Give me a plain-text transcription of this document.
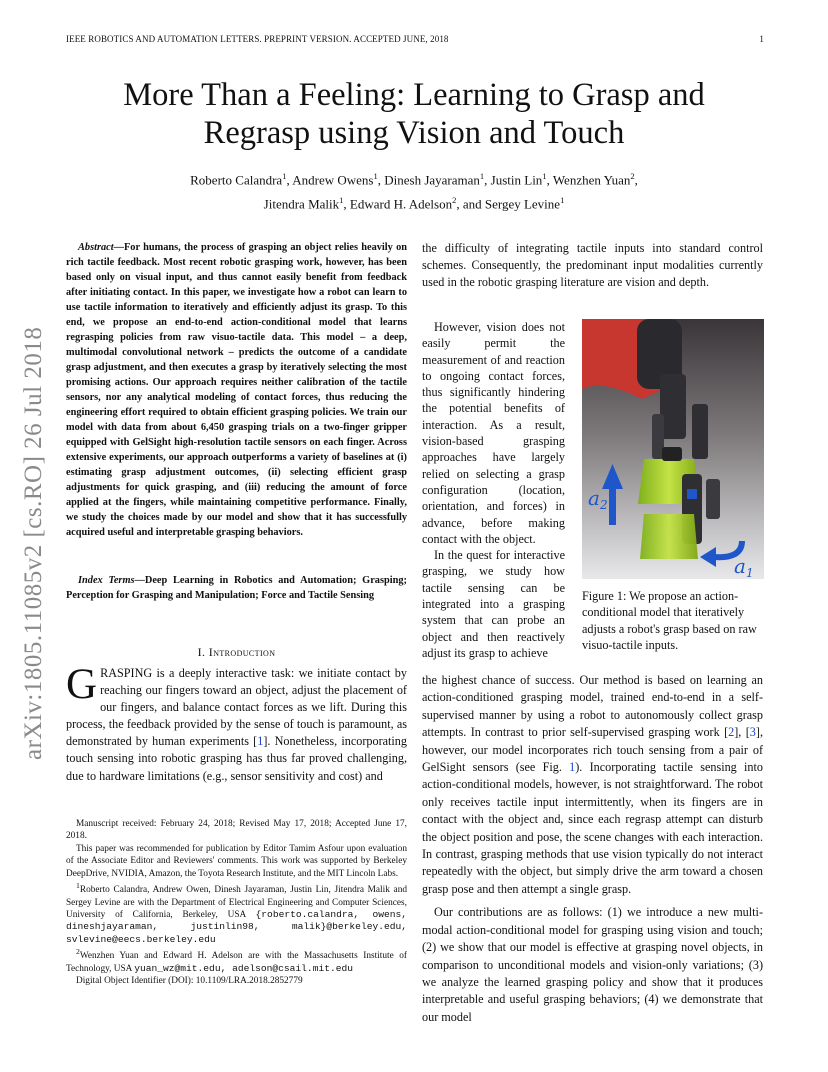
IEEE ROBOTICS AND AUTOMATION LETTERS. PREPRINT VERSION. ACCEPTED JUNE, 2018	1
arXiv:1805.11085v2 [cs.RO] 26 Jul 2018
More Than a Feeling: Learning to Grasp and
Regrasp using Vision and Touch
Roberto Calandra$^1$, Andrew Owens$^1$, Dinesh Jayaraman$^1$, Justin Lin$^1$, Wenzhen Yuan$^2$,
Jitendra Malik$^1$, Edward H. Adelson$^2$, and Sergey Levine$^1$
Abstract—For humans, the process of grasping an object relies heavily on rich tactile feedback. Most recent robotic grasping work, however, has been based only on visual input, and thus cannot easily benefit from feedback after initiating contact. In this paper, we investigate how a robot can learn to use tactile information to iteratively and efficiently adjust its grasp. To this end, we propose an end-to-end action-conditional model that learns regrasping policies from raw visuo-tactile data. This model – a deep, multimodal convolutional network – predicts the outcome of a candidate grasp adjustment, and then executes a grasp by iteratively selecting the most promising actions. Our approach requires neither calibration of the tactile sensors, nor any analytical modeling of contact forces, thus reducing the engineering effort required to obtain efficient grasping policies. We train our model with data from about 6,450 grasping trials on a two-finger gripper equipped with GelSight high-resolution tactile sensors on each finger. Across extensive experiments, our approach outperforms a variety of baselines at (i) estimating grasp adjustment outcomes, (ii) selecting efficient grasp adjustments for quick grasping, and (iii) reducing the amount of force applied at the fingers, while maintaining competitive performance. Finally, we study the choices made by our model and show that it has successfully acquired useful and interpretable grasping behaviors.
Index Terms—Deep Learning in Robotics and Automation; Grasping; Perception for Grasping and Manipulation; Force and Tactile Sensing
I. Introduction
GRASPING is a deeply interactive task: we initiate contact by reaching our fingers toward an object, adjust the placement of our fingers, and balance contact forces as we lift. During this process, the feedback provided by the sense of touch is paramount, as demonstrated by human experiments [1]. Nonetheless, incorporating touch sensing into robotic grasping has thus far proved challenging, due to hardware limitations (e.g., sensor sensitivity and cost) and

Manuscript received: February 24, 2018; Revised May 17, 2018; Accepted June 17, 2018.

This paper was recommended for publication by Editor Tamim Asfour upon evaluation of the Associate Editor and Reviewers' comments. This work was supported by Berkeley DeepDrive, NVIDIA, Amazon, the Toyota Research Institute, and the MIT Lincoln Labs.

$^1$Roberto Calandra, Andrew Owen, Dinesh Jayaraman, Justin Lin, Jitendra Malik and Sergey Levine are with the Department of Electrical Engineering and Computer Sciences, University of California, Berkeley, USA {roberto.calandra, owens, dineshjayaraman, justinlin98, malik}@berkeley.edu, svlevine@eecs.berkeley.edu

$^2$Wenzhen Yuan and Edward H. Adelson are with the Massachusetts Institute of Technology, USA yuan_wz@mit.edu, adelson@csail.mit.edu

Digital Object Identifier (DOI): 10.1109/LRA.2018.2852779

the difficulty of integrating tactile inputs into standard control schemes. Consequently, the predominant input modalities currently used in the robotic grasping literature are vision and depth.

However, vision does not easily permit the measurement of and reaction to ongoing contact forces, thus significantly hindering the potential benefits of interaction. As a result, vision-based grasping approaches have largely relied on selecting a grasp configuration (location, orientation, and forces) in advance, before making contact with the object.

In the quest for interactive grasping, we study how tactile sensing can be integrated into a grasping system that can probe an object and then reactively adjust its grasp to achieve

$a_2$
$a_1$
Figure 1: We propose an action-conditional model that iteratively adjusts a robot's grasp based on raw visuo-tactile inputs.

the highest chance of success. Our method is based on learning an action-conditioned grasping model, trained end-to-end in a self-supervised manner by using a robot to autonomously collect grasp attempts. In contrast to prior self-supervised grasping work [2], [3], however, our model incorporates rich touch sensing from a pair of GelSight sensors (see Fig. 1). Incorporating tactile sensing into action-conditional models, however, is not straightforward. The robot only receives tactile input intermittently, when its fingers are in contact with the object and, since each regrasp attempt can disturb the object position and pose, the scene changes with each interaction. In contrast, grasping methods that use vision typically do not interact repeatedly with the object, but simply drive the arm toward a chosen grasp pose and then attempt a single grasp.

Our contributions are as follows: (1) we introduce a new multi-modal action-conditional model for grasping using vision and touch; (2) we show that our model is effective at grasping novel objects, in comparison to unconditional models and vision-only variations; (3) we analyze the learned grasping policy and show that it produces interpretable and useful grasping behaviors; (4) we demonstrate that our model
